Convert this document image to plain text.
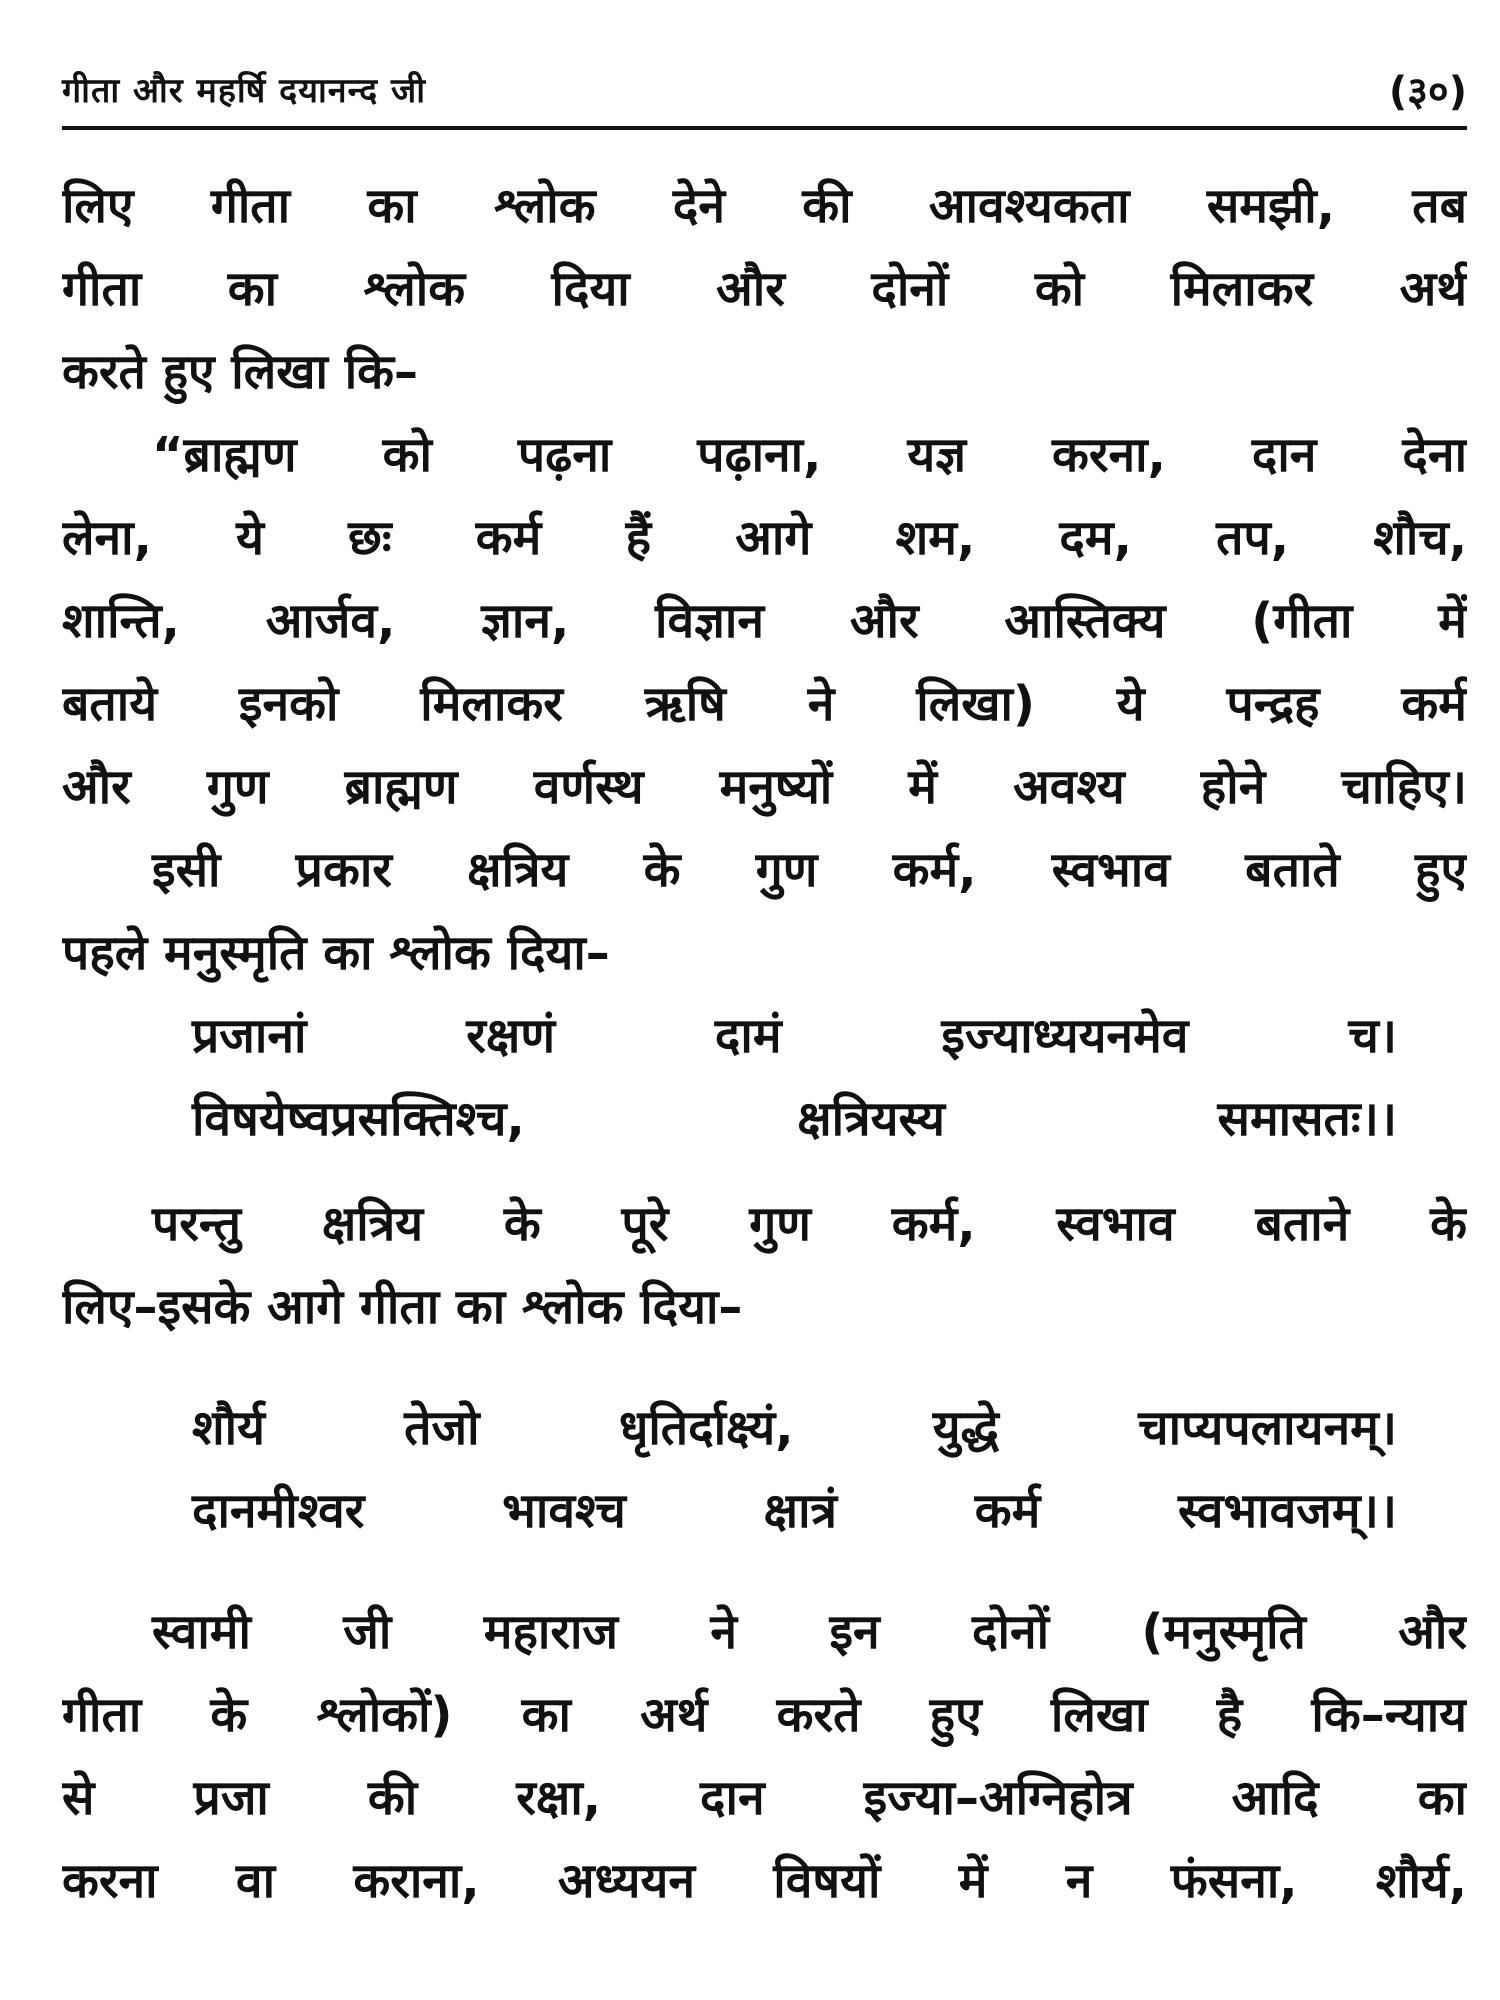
गीता और महर्षि दयानन्द जी	(३०)
लिए गीता का श्लोक देने की आवश्यकता समझी, तब
गीता का श्लोक दिया और दोनों को मिलाकर अर्थ
करते हुए लिखा कि–
“ब्राह्मण को पढ़ना पढ़ाना, यज्ञ करना, दान देना
लेना, ये छः कर्म हैं आगे शम, दम, तप, शौच,
शान्ति, आर्जव, ज्ञान, विज्ञान और आस्तिक्य (गीता में
बताये इनको मिलाकर ऋषि ने लिखा) ये पन्द्रह कर्म
और गुण ब्राह्मण वर्णस्थ मनुष्यों में अवश्य होने चाहिए।
इसी प्रकार क्षत्रिय के गुण कर्म, स्वभाव बताते हुए
पहले मनुस्मृति का श्लोक दिया–
प्रजानां रक्षणं दामं इज्याध्ययनमेव च।
विषयेष्वप्रसक्तिश्च, क्षत्रियस्य समासतः।।
परन्तु क्षत्रिय के पूरे गुण कर्म, स्वभाव बताने के
लिए–इसके आगे गीता का श्लोक दिया–
शौर्य तेजो धृतिर्दाक्ष्यं, युद्धे चाप्यपलायनम्।
दानमीश्वर भावश्च क्षात्रं कर्म स्वभावजम्।।
स्वामी जी महाराज ने इन दोनों (मनुस्मृति और
गीता के श्लोकों) का अर्थ करते हुए लिखा है कि–न्याय
से प्रजा की रक्षा, दान इज्या–अग्निहोत्र आदि का
करना वा कराना, अध्ययन विषयों में न फंसना, शौर्य,
